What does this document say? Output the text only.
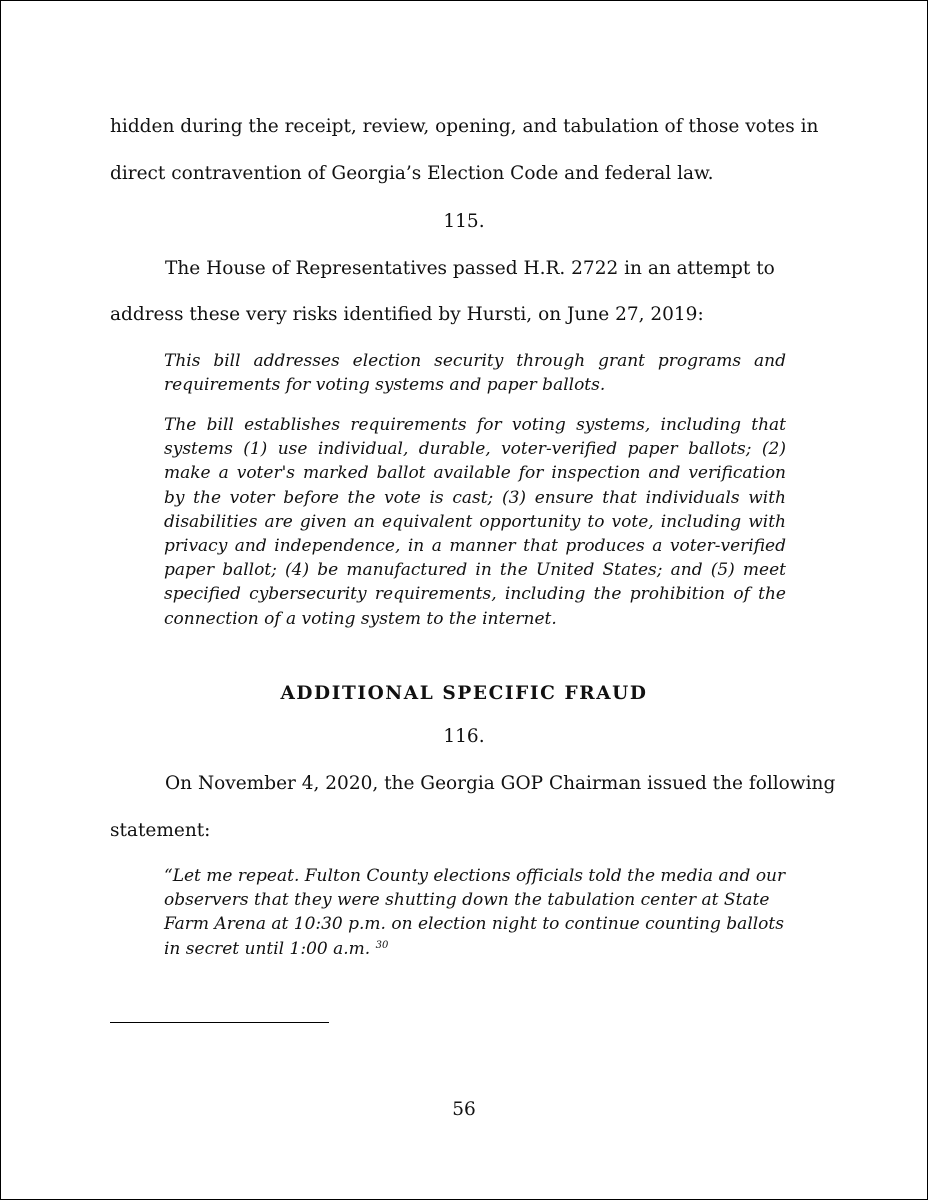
hidden during the receipt, review, opening, and tabulation of those votes in
direct contravention of Georgia’s Election Code and federal law.
115.
The House of Representatives passed H.R. 2722 in an attempt to
address these very risks identified by Hursti, on June 27, 2019:
This bill addresses election security through grant programs and requirements for voting systems and paper ballots.
The bill establishes requirements for voting systems, including that systems (1) use individual, durable, voter-verified paper ballots; (2) make a voter's marked ballot available for inspection and verification by the voter before the vote is cast; (3) ensure that individuals with disabilities are given an equivalent opportunity to vote, including with privacy and independence, in a manner that produces a voter-verified paper ballot; (4) be manufactured in the United States; and (5) meet specified cybersecurity requirements, including the prohibition of the connection of a voting system to the internet.
ADDITIONAL SPECIFIC FRAUD
116.
On November 4, 2020, the Georgia GOP Chairman issued the following
statement:
“Let me repeat. Fulton County elections officials told the media and our observers that they were shutting down the tabulation center at State Farm Arena at 10:30 p.m. on election night to continue counting ballots in secret until 1:00 a.m. $^{30}$
56
